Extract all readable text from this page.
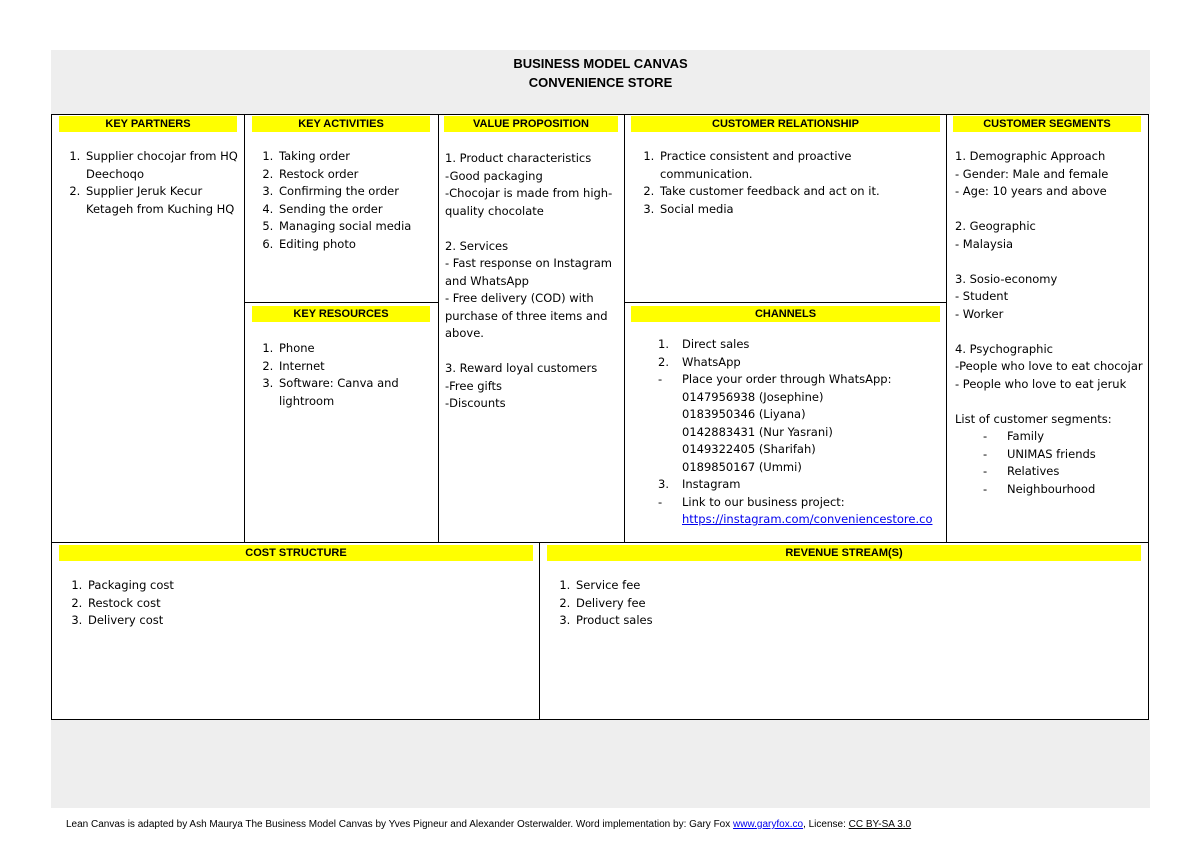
BUSINESS MODEL CANVAS
CONVENIENCE STORE
KEY PARTNERS
1. Supplier chocojar from HQ Deechoqo
2. Supplier Jeruk Kecur Ketageh from Kuching HQ
KEY ACTIVITIES
1. Taking order
2. Restock order
3. Confirming the order
4. Sending the order
5. Managing social media
6. Editing photo
KEY RESOURCES
1. Phone
2. Internet
3. Software: Canva and lightroom
VALUE PROPOSITION
1. Product characteristics
-Good packaging
-Chocojar is made from high-quality chocolate

2. Services
- Fast response on Instagram and WhatsApp
- Free delivery (COD) with purchase of three items and above.

3. Reward loyal customers
-Free gifts
-Discounts
CUSTOMER RELATIONSHIP
1. Practice consistent and proactive communication.
2. Take customer feedback and act on it.
3. Social media
CHANNELS
1. Direct sales
2. WhatsApp
- Place your order through WhatsApp:
0147956938 (Josephine)
0183950346 (Liyana)
0142883431 (Nur Yasrani)
0149322405 (Sharifah)
0189850167 (Ummi)
3. Instagram
- Link to our business project:
https://instagram.com/conveniencestore.co
CUSTOMER SEGMENTS
1. Demographic Approach
- Gender: Male and female
- Age: 10 years and above

2. Geographic
- Malaysia

3. Sosio-economy
- Student
- Worker

4. Psychographic
-People who love to eat chocojar
- People who love to eat jeruk

List of customer segments:
- Family
- UNIMAS friends
- Relatives
- Neighbourhood
COST STRUCTURE
1. Packaging cost
2. Restock cost
3. Delivery cost
REVENUE STREAM(S)
1. Service fee
2. Delivery fee
3. Product sales
Lean Canvas is adapted by Ash Maurya The Business Model Canvas by Yves Pigneur and Alexander Osterwalder. Word implementation by: Gary Fox www.garyfox.co, License: CC BY-SA 3.0
